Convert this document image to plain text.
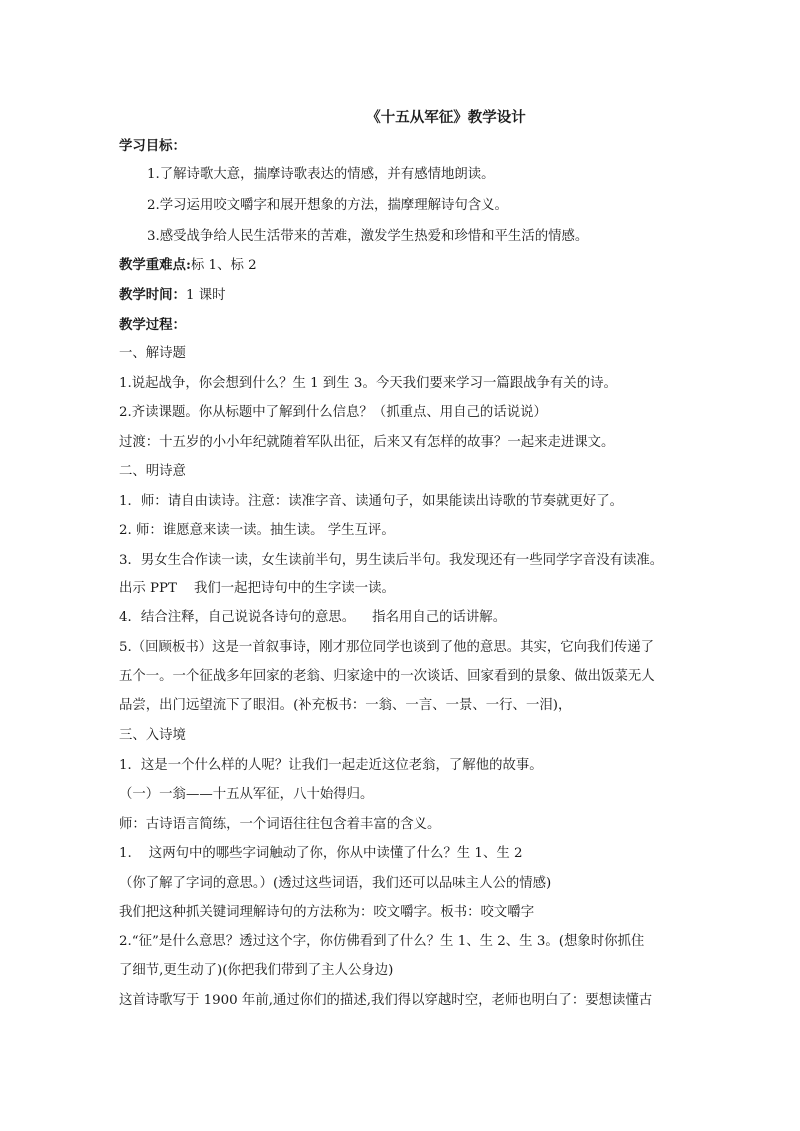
《十五从军征》教学设计
学习目标：
1.了解诗歌大意，揣摩诗歌表达的情感，并有感情地朗读。
2.学习运用咬文嚼字和展开想象的方法，揣摩理解诗句含义。
3.感受战争给人民生活带来的苦难，激发学生热爱和珍惜和平生活的情感。
教学重难点:标 1、标 2
教学时间：1 课时
教学过程：
一、解诗题
1.说起战争，你会想到什么？生 1 到生 3。今天我们要来学习一篇跟战争有关的诗。
2.齐读课题。你从标题中了解到什么信息？（抓重点、用自己的话说说）
过渡：十五岁的小小年纪就随着军队出征，后来又有怎样的故事？一起来走进课文。
二、明诗意
1．师：请自由读诗。注意：读准字音、读通句子，如果能读出诗歌的节奏就更好了。
2. 师：谁愿意来读一读。抽生读。 学生互评。
3．男女生合作读一读，女生读前半句，男生读后半句。我发现还有一些同学字音没有读准。
出示 PPT    我们一起把诗句中的生字读一读。
4．结合注释，自己说说各诗句的意思。    指名用自己的话讲解。
5.（回顾板书）这是一首叙事诗，刚才那位同学也谈到了他的意思。其实，它向我们传递了
五个一。一个征战多年回家的老翁、归家途中的一次谈话、回家看到的景象、做出饭菜无人
品尝，出门远望流下了眼泪。(补充板书：一翁、一言、一景、一行、一泪)，
三、入诗境
1．这是一个什么样的人呢？让我们一起走近这位老翁，了解他的故事。
（一）一翁——十五从军征，八十始得归。
师：古诗语言简练，一个词语往往包含着丰富的含义。
1.    这两句中的哪些字词触动了你，你从中读懂了什么？生 1、生 2
（你了解了字词的意思。）(透过这些词语，我们还可以品味主人公的情感)
我们把这种抓关键词理解诗句的方法称为：咬文嚼字。板书：咬文嚼字
2.“征”是什么意思？透过这个字，你仿佛看到了什么？生 1、生 2、生 3。(想象时你抓住
了细节,更生动了)(你把我们带到了主人公身边)
这首诗歌写于 1900 年前,通过你们的描述,我们得以穿越时空，老师也明白了：要想读懂古
